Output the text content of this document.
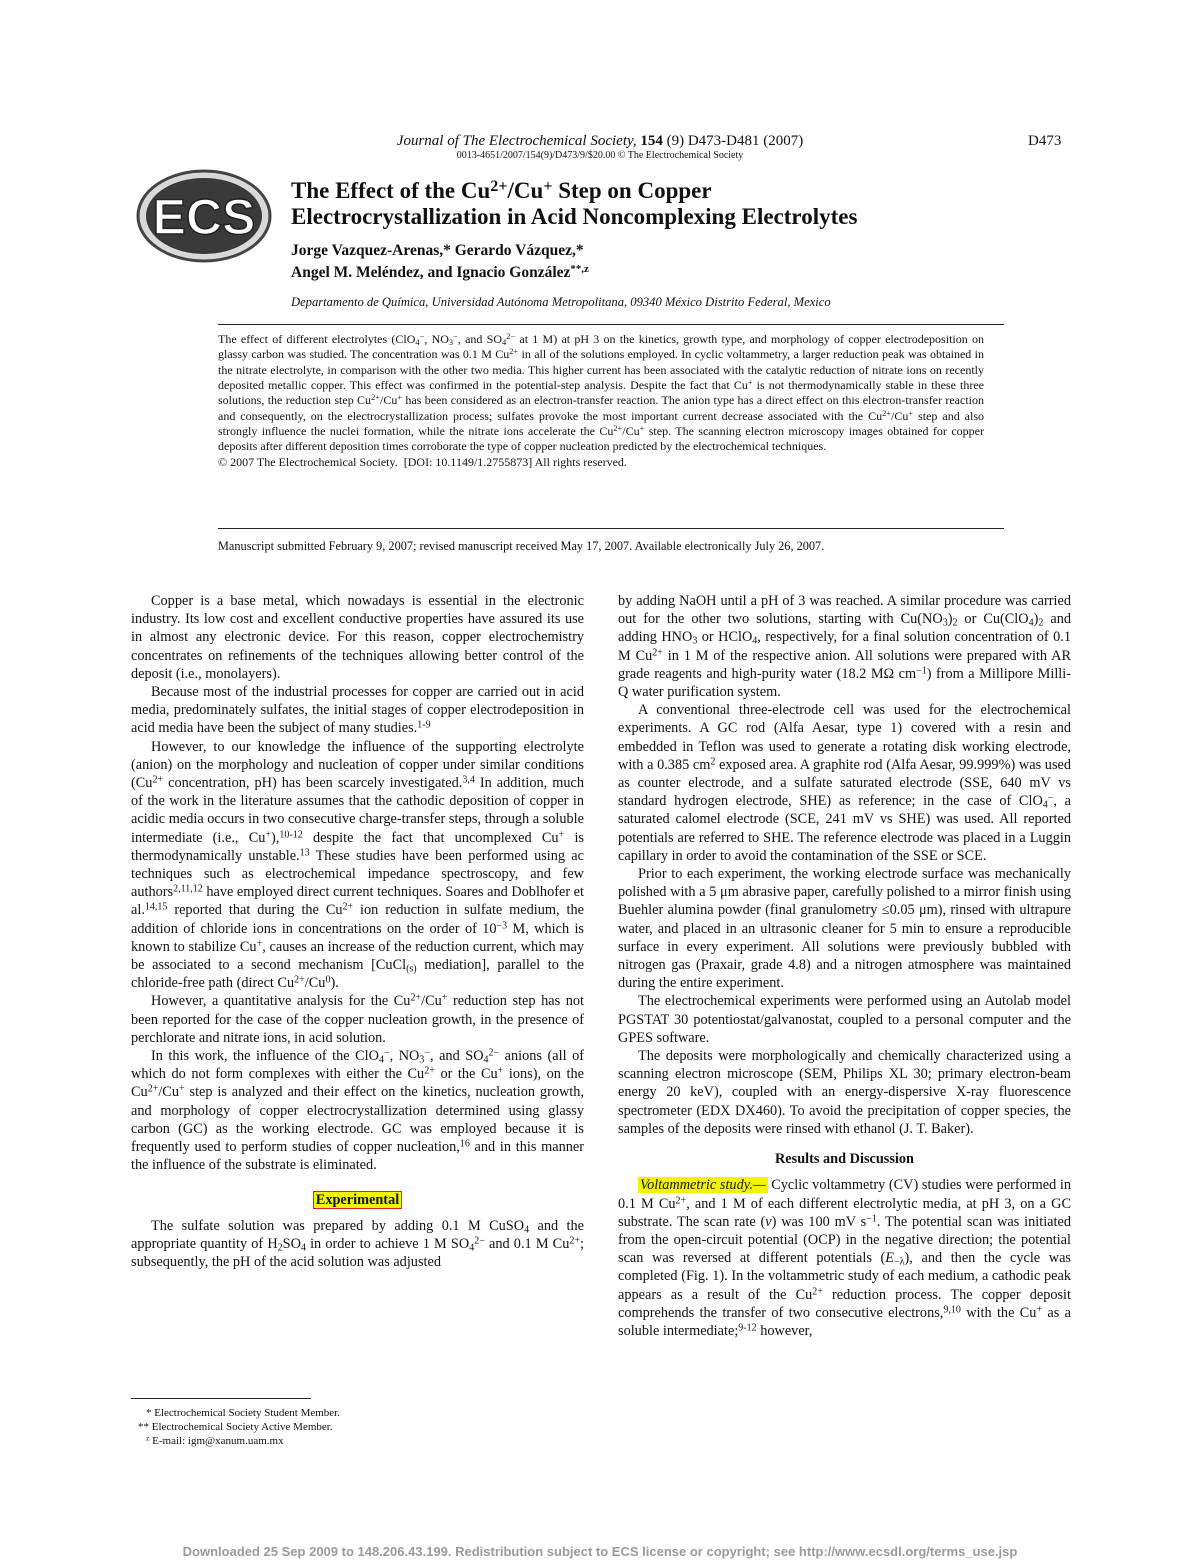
Journal of The Electrochemical Society, 154 (9) D473-D481 (2007)
0013-4651/2007/154(9)/D473/9/$20.00 © The Electrochemical Society
D473
ECS The Effect of the $Cu^{2+}/Cu^+$ Step on Copper
Electrocrystallization in Acid Noncomplexing Electrolytes
Jorge Vazquez-Arenas,* Gerardo Vázquez,*
Angel M. Meléndez, and Ignacio González$^{**,z}$
Departamento de Química, Universidad Autónoma Metropolitana, 09340 México Distrito Federal, Mexico

The effect of different electrolytes (ClO$_4$−, $NO_3^-$, and $SO_4^{2-}$ at 1 M) at pH 3 on the kinetics, growth type, and morphology of copper electrodeposition on glassy carbon was studied. The concentration was 0.1 M $Cu^{2+}$ in all of the solutions employed. In cyclic voltammetry, a larger reduction peak was obtained in the nitrate electrolyte, in comparison with the other two media. This higher current has been associated with the catalytic reduction of nitrate ions on recently deposited metallic copper. This effect was confirmed in the potential-step analysis. Despite the fact that Cu+ is not thermodynamically stable in these three solutions, the reduction step $Cu^{2+}/Cu^+$ has been considered as an electron-transfer reaction. The anion type has a direct effect on this electron-transfer reaction and consequently, on the electrocrystallization process; sulfates provoke the most important current decrease associated with the $Cu^{2+}/Cu^+$ step and also strongly influence the nuclei formation, while the nitrate ions accelerate the $Cu^{2+}/Cu^+$ step. The scanning electron microscopy images obtained for copper deposits after different deposition times corroborate the type of copper nucleation predicted by the electrochemical techniques.

© 2007 The Electrochemical Society. [DOI: 10.1149/1.2755873] All rights reserved.

Manuscript submitted February 9, 2007; revised manuscript received May 17, 2007. Available electronically July 26, 2007.

Copper is a base metal, which nowadays is essential in the electronic industry. Its low cost and excellent conductive properties have assured its use in almost any electronic device. For this reason, copper electrochemistry concentrates on refinements of the techniques allowing better control of the deposit (i.e., monolayers).

Because most of the industrial processes for copper are carried out in acid media, predominately sulfates, the initial stages of copper electrodeposition in acid media have been the subject of many studies.$^{1-9}$

However, to our knowledge the influence of the supporting electrolyte (anion) on the morphology and nucleation of copper under similar conditions ($Cu^{2+}$ concentration, pH) has been scarcely investigated.$^{3,4}$ In addition, much of the work in the literature assumes that the cathodic deposition of copper in acidic media occurs in two consecutive charge-transfer steps, through a soluble intermediate (i.e., Cu+),$^{10-12}$ despite the fact that uncomplexed Cu+ is thermodynamically unstable.$^{13}$ These studies have been performed using ac techniques such as electrochemical impedance spectroscopy, and few authors$^{2,11,12}$ have employed direct current techniques. Soares and Doblhofer et al.$^{14,15}$ reported that during the $Cu^{2+}$ ion reduction in sulfate medium, the addition of chloride ions in concentrations on the order of $10^{-3}$ M, which is known to stabilize Cu+, causes an increase of the reduction current, which may be associated to a second mechanism [CuCl$_{(s)}$ mediation], parallel to the chloride-free path (direct $Cu^{2+}/Cu^0$).

However, a quantitative analysis for the $Cu^{2+}/Cu^+$ reduction step has not been reported for the case of the copper nucleation growth, in the presence of perchlorate and nitrate ions, in acid solution.

In this work, the influence of the ClO$_4$−, $NO_3^-$, and $SO_4^{2-}$ anions (all of which do not form complexes with either the $Cu^{2+}$ or the Cu+ ions), on the $Cu^{2+}/Cu^+$ step is analyzed and their effect on the kinetics, nucleation growth, and morphology of copper electrocrystallization determined using glassy carbon (GC) as the working electrode. GC was employed because it is frequently used to perform studies of copper nucleation,$^{16}$ and in this manner the influence of the substrate is eliminated.

Experimental

The sulfate solution was prepared by adding 0.1 M CuSO$_4$ and the appropriate quantity of $H_2SO_4$ in order to achieve 1 M $SO_4^{2-}$ and 0.1 M $Cu^{2+}$; subsequently, the pH of the acid solution was adjusted

by adding NaOH until a pH of 3 was reached. A similar procedure was carried out for the other two solutions, starting with $Cu(NO_3)_2$ or $Cu(ClO_4)_2$ and adding $HNO_3$ or HClO$_4$, respectively, for a final solution concentration of 0.1 M $Cu^{2+}$ in 1 M of the respective anion. All solutions were prepared with AR grade reagents and high-purity water (18.2 MΩ $cm^{-1}$) from a Millipore Milli-Q water purification system.

A conventional three-electrode cell was used for the electrochemical experiments. A GC rod (Alfa Aesar, type 1) covered with a resin and embedded in Teflon was used to generate a rotating disk working electrode, with a 0.385 $cm^2$ exposed area. A graphite rod (Alfa Aesar, 99.999%) was used as counter electrode, and a sulfate saturated electrode (SSE, 640 mV vs standard hydrogen electrode, SHE) as reference; in the case of ClO$_4$−, a saturated calomel electrode (SCE, 241 mV vs SHE) was used. All reported potentials are referred to SHE. The reference electrode was placed in a Luggin capillary in order to avoid the contamination of the SSE or SCE.

Prior to each experiment, the working electrode surface was mechanically polished with a 5 μm abrasive paper, carefully polished to a mirror finish using Buehler alumina powder (final granulometry ≤0.05 μm), rinsed with ultrapure water, and placed in an ultrasonic cleaner for 5 min to ensure a reproducible surface in every experiment. All solutions were previously bubbled with nitrogen gas (Praxair, grade 4.8) and a nitrogen atmosphere was maintained during the entire experiment.

The electrochemical experiments were performed using an Autolab model PGSTAT 30 potentiostat/galvanostat, coupled to a personal computer and the GPES software.

The deposits were morphologically and chemically characterized using a scanning electron microscope (SEM, Philips XL 30; primary electron-beam energy 20 keV), coupled with an energy-dispersive X-ray fluorescence spectrometer (EDX DX460). To avoid the precipitation of copper species, the samples of the deposits were rinsed with ethanol (J. T. Baker).

Results and Discussion

Voltammetric study.— Cyclic voltammetry (CV) studies were performed in 0.1 M $Cu^{2+}$, and 1 M of each different electrolytic media, at pH 3, on a GC substrate. The scan rate (ν) was 100 mV $s^{-1}$. The potential scan was initiated from the open-circuit potential (OCP) in the negative direction; the potential scan was reversed at different potentials $(E_{-\lambda})$, and then the cycle was completed (Fig. 1). In the voltammetric study of each medium, a cathodic peak appears as a result of the $Cu^{2+}$ reduction process. The copper deposit comprehends the transfer of two consecutive electrons,$^{9,10}$ with the Cu+ as a soluble intermediate;$^{9-12}$ however,

* Electrochemical Society Student Member.
** Electrochemical Society Active Member.
$^z$ E-mail: igm@xanum.uam.mx
Downloaded 25 Sep 2009 to 148.206.43.199. Redistribution subject to ECS license or copyright; see http://www.ecsdl.org/terms_use.jsp
